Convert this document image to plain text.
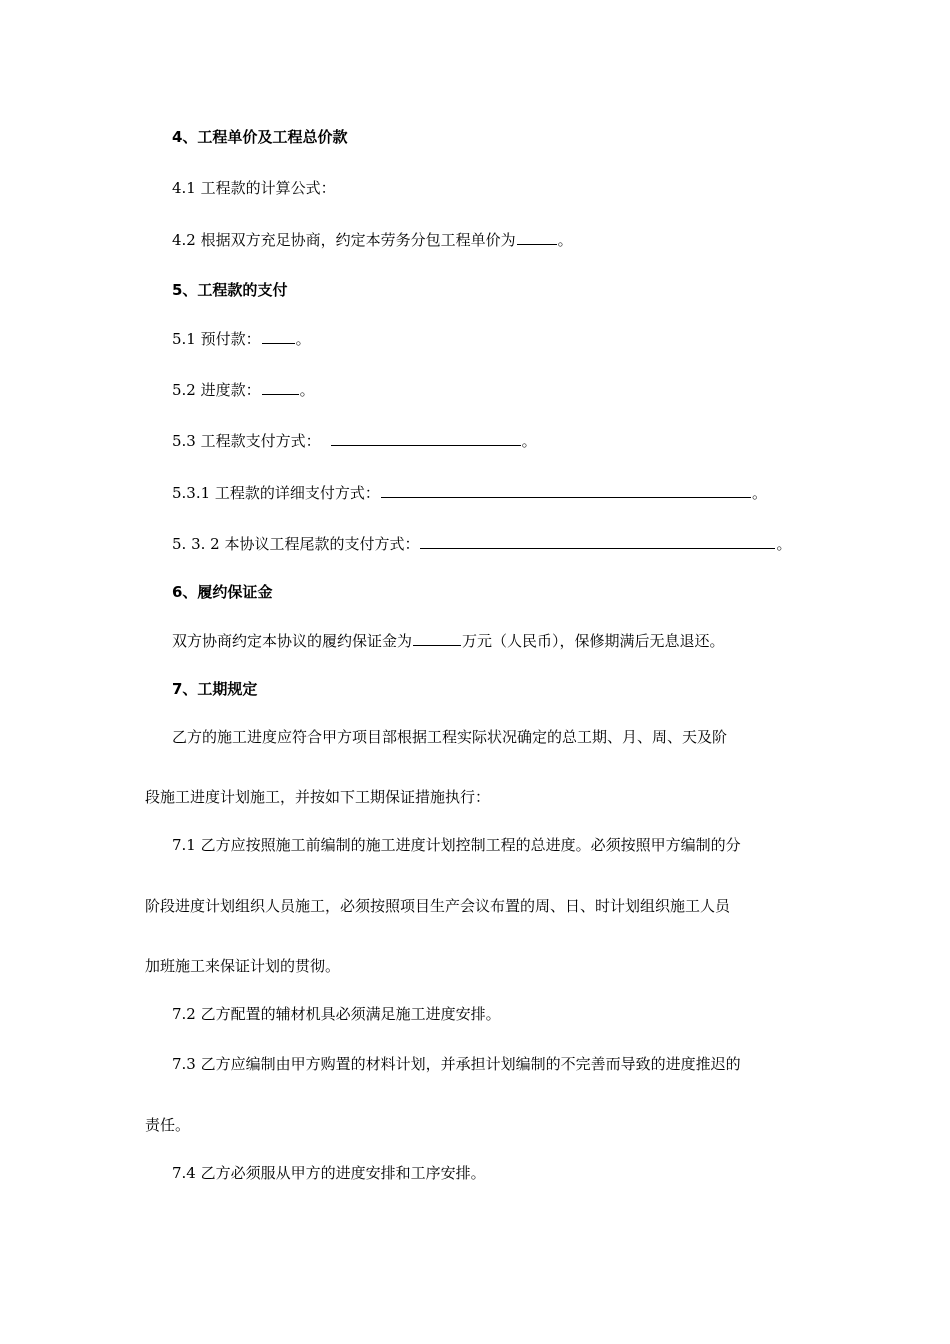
4、工程单价及工程总价款
4.1 工程款的计算公式：
4.2 根据双方充足协商，约定本劳务分包工程单价为	。
5、工程款的支付
5.1 预付款： 。
5.2 进度款：	。
5.3 工程款支付方式：	。
5.3.1 工程款的详细支付方式：	。
5. 3. 2 本协议工程尾款的支付方式：	。
6、履约保证金
双方协商约定本协议的履约保证金为	万元（人民币），保修期满后无息退还。
7、工期规定
乙方的施工进度应符合甲方项目部根据工程实际状况确定的总工期、月、周、天及阶
段施工进度计划施工，并按如下工期保证措施执行：
7.1 乙方应按照施工前编制的施工进度计划控制工程的总进度。必须按照甲方编制的分
阶段进度计划组织人员施工，必须按照项目生产会议布置的周、日、时计划组织施工人员
加班施工来保证计划的贯彻。
7.2 乙方配置的辅材机具必须满足施工进度安排。
7.3 乙方应编制由甲方购置的材料计划，并承担计划编制的不完善而导致的进度推迟的
责任。
7.4 乙方必须服从甲方的进度安排和工序安排。
